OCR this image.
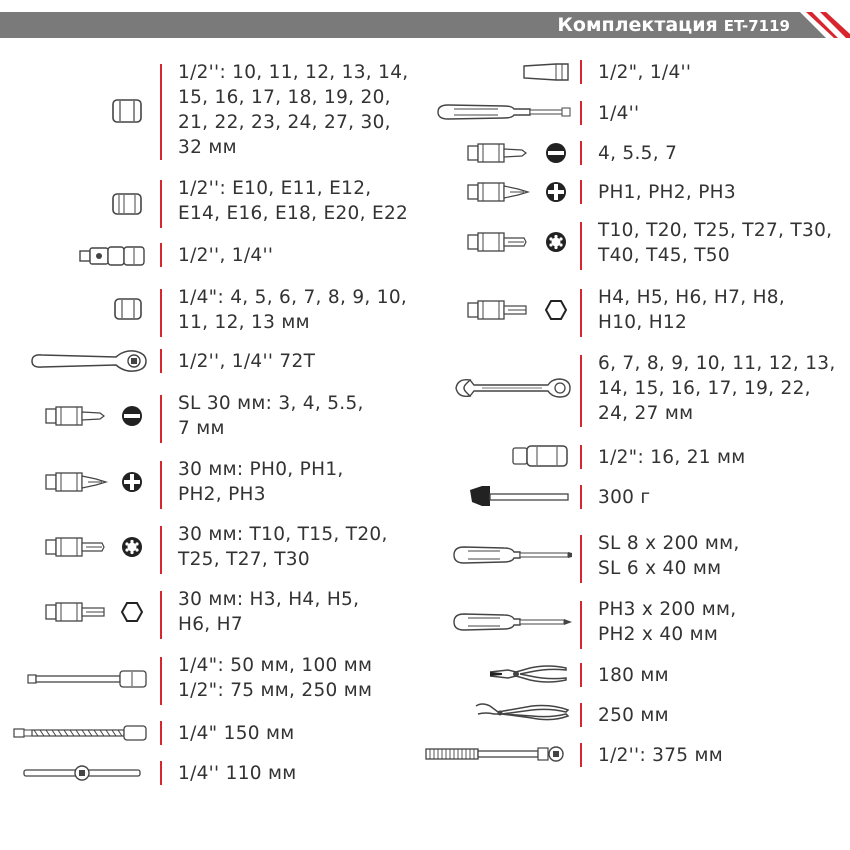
Комплектация ET-7119
1/2'': 10, 11, 12, 13, 14,
15, 16, 17, 18, 19, 20,
21, 22, 23, 24, 27, 30,
32 мм
1/2'': E10, E11, E12,
E14, E16, E18, E20, E22
1/2'', 1/4''
1/4": 4, 5, 6, 7, 8, 9, 10,
11, 12, 13 мм
1/2'', 1/4'' 72T
SL 30 мм: 3, 4, 5.5,
7 мм
30 мм: PH0, PH1,
PH2, PH3
30 мм: T10, T15, T20,
T25, T27, T30
30 мм: H3, H4, H5,
H6, H7
1/4": 50 мм, 100 мм
1/2": 75 мм, 250 мм
1/4" 150 мм
1/4'' 110 мм
1/2", 1/4''
1/4''
4, 5.5, 7
PH1, PH2, PH3
T10, T20, T25, T27, T30,
T40, T45, T50
H4, H5, H6, H7, H8,
H10, H12
6, 7, 8, 9, 10, 11, 12, 13,
14, 15, 16, 17, 19, 22,
24, 27 мм
1/2": 16, 21 мм
300 г
SL 8 x 200 мм,
SL 6 x 40 мм
PH3 x 200 мм,
PH2 x 40 мм
180 мм
250 мм
1/2'': 375 мм
